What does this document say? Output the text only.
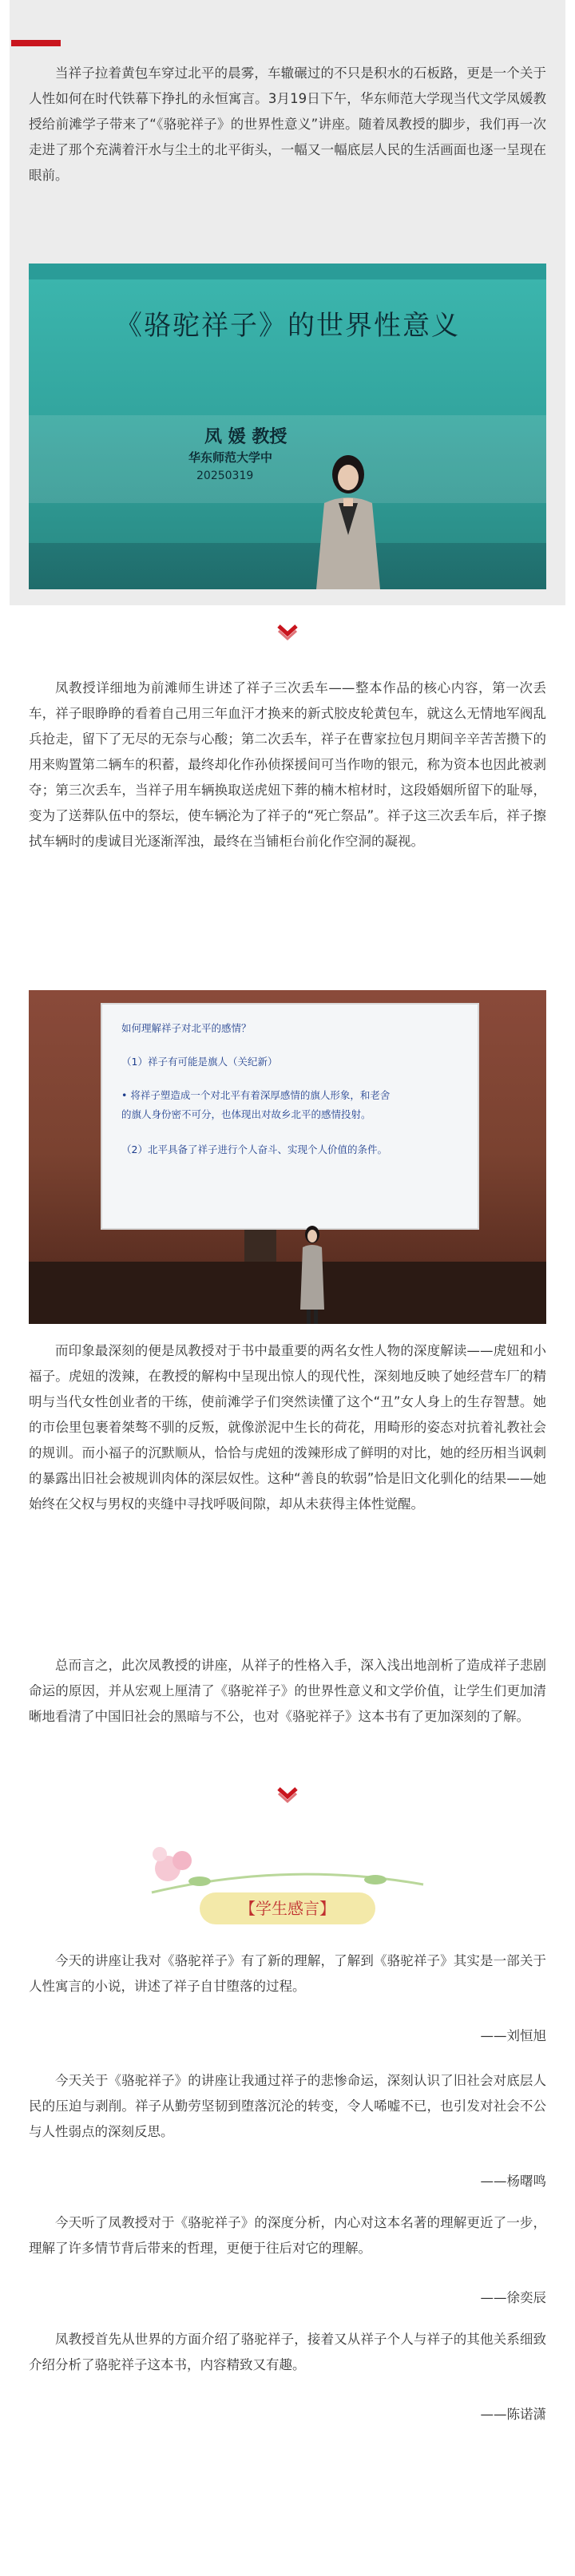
当祥子拉着黄包车穿过北平的晨雾，车辙碾过的不只是积水的石板路，更是一个关于人性如何在时代铁幕下挣扎的永恒寓言。3月19日下午，华东师范大学现当代文学凤媛教授给前滩学子带来了“《骆驼祥子》的世界性意义”讲座。随着凤教授的脚步，我们再一次走进了那个充满着汗水与尘土的北平街头，一幅又一幅底层人民的生活画面也逐一呈现在眼前。

《骆驼祥子》的世界性意义
凤 媛 教授
华东师范大学中
20250319

凤教授详细地为前滩师生讲述了祥子三次丢车——整本作品的核心内容，第一次丢车，祥子眼睁睁的看着自己用三年血汗才换来的新式胶皮轮黄包车，就这么无情地军阀乱兵抢走，留下了无尽的无奈与心酸；第二次丢车，祥子在曹家拉包月期间辛辛苦苦攒下的用来购置第二辆车的积蓄，最终却化作孙侦探援间可当作吻的银元，称为资本也因此被剥夺；第三次丢车，当祥子用车辆换取送虎妞下葬的楠木棺材时，这段婚姻所留下的耻辱，变为了送葬队伍中的祭坛，使车辆沦为了祥子的“死亡祭品”。祥子这三次丢车后，祥子擦拭车辆时的虔诚目光逐渐浑浊，最终在当铺柜台前化作空洞的凝视。

如何理解祥子对北平的感情？
（1）祥子有可能是旗人（关纪新）
• 将祥子塑造成一个对北平有着深厚感情的旗人形象，和老舍
的旗人身份密不可分，也体现出对故乡北平的感情投射。
（2）北平具备了祥子进行个人奋斗、实现个人价值的条件。

而印象最深刻的便是凤教授对于书中最重要的两名女性人物的深度解读——虎妞和小福子。虎妞的泼辣，在教授的解构中呈现出惊人的现代性，深刻地反映了她经营车厂的精明与当代女性创业者的干练，使前滩学子们突然读懂了这个“丑”女人身上的生存智慧。她的市侩里包裹着桀骜不驯的反叛，就像淤泥中生长的荷花，用畸形的姿态对抗着礼教社会的规训。而小福子的沉默顺从，恰恰与虎妞的泼辣形成了鲜明的对比，她的经历相当讽刺的暴露出旧社会被规训肉体的深层奴性。这种“善良的软弱”恰是旧文化驯化的结果——她始终在父权与男权的夹缝中寻找呼吸间隙，却从未获得主体性觉醒。

总而言之，此次凤教授的讲座，从祥子的性格入手，深入浅出地剖析了造成祥子悲剧命运的原因，并从宏观上厘清了《骆驼祥子》的世界性意义和文学价值，让学生们更加清晰地看清了中国旧社会的黑暗与不公，也对《骆驼祥子》这本书有了更加深刻的了解。

【学生感言】

今天的讲座让我对《骆驼祥子》有了新的理解，了解到《骆驼祥子》其实是一部关于人性寓言的小说，讲述了祥子自甘堕落的过程。

——刘恒旭

今天关于《骆驼祥子》的讲座让我通过祥子的悲惨命运，深刻认识了旧社会对底层人民的压迫与剥削。祥子从勤劳坚韧到堕落沉沦的转变，令人唏嘘不已，也引发对社会不公与人性弱点的深刻反思。

——杨曙鸣

今天听了凤教授对于《骆驼祥子》的深度分析，内心对这本名著的理解更近了一步，理解了许多情节背后带来的哲理，更便于往后对它的理解。

——徐奕辰

凤教授首先从世界的方面介绍了骆驼祥子，接着又从祥子个人与祥子的其他关系细致介绍分析了骆驼祥子这本书，内容精致又有趣。

——陈诺潇
